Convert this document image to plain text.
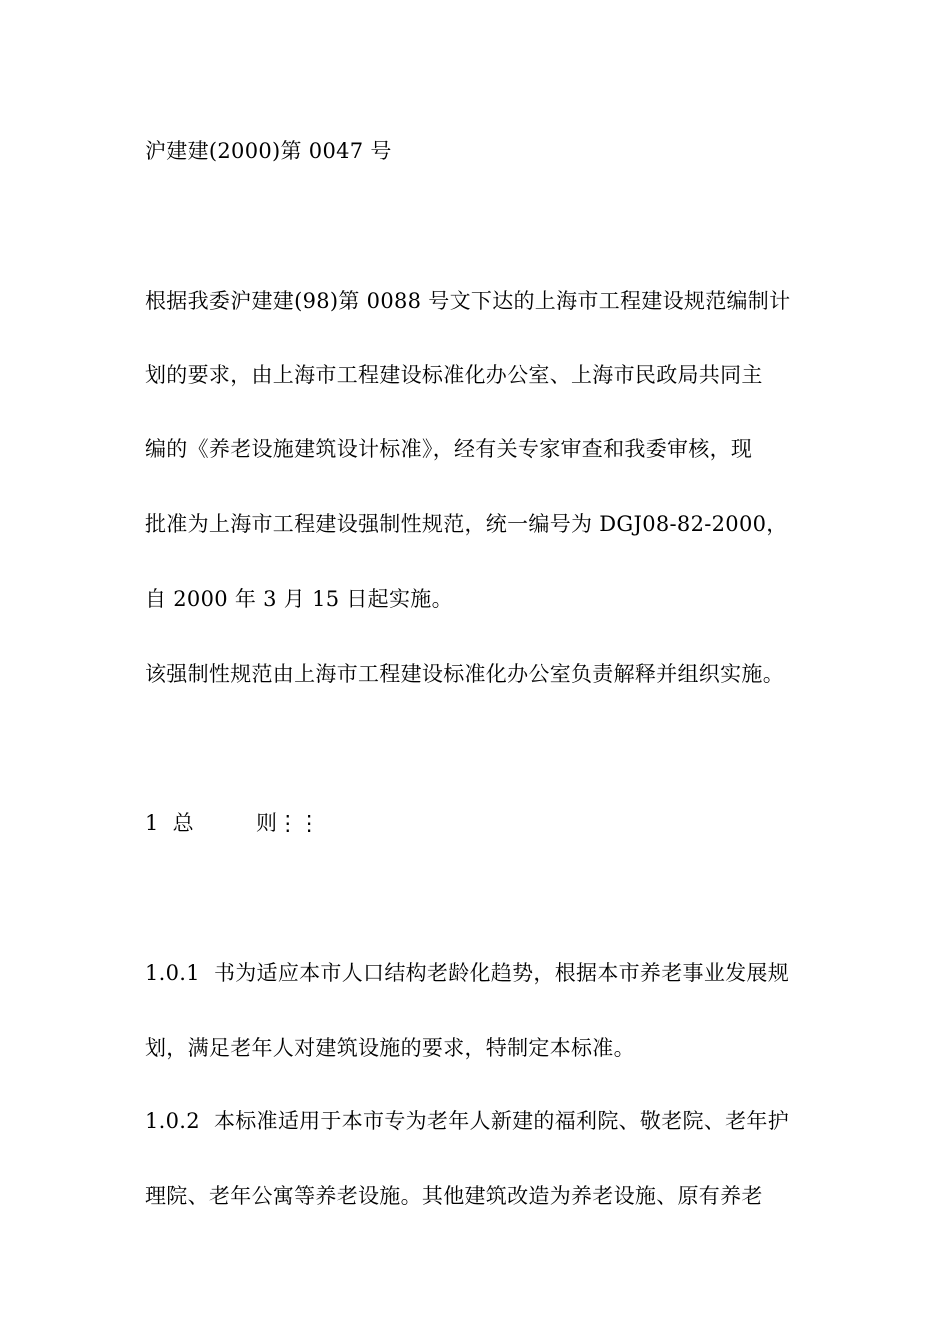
沪建建(2000)第 0047 号
根据我委沪建建(98)第 0088 号文下达的上海市工程建设规范编制计
划的要求，由上海市工程建设标准化办公室、上海市民政局共同主
编的《养老设施建筑设计标准》，经有关专家审查和我委审核，现
批准为上海市工程建设强制性规范，统一编号为 DGJ08-82-2000，
自 2000 年 3 月 15 日起实施。
该强制性规范由上海市工程建设标准化办公室负责解释并组织实施。
1 总	则⋮⋮
1.0.1 书为适应本市人口结构老龄化趋势，根据本市养老事业发展规
划，满足老年人对建筑设施的要求，特制定本标准。
1.0.2 本标准适用于本市专为老年人新建的福利院、敬老院、老年护
理院、老年公寓等养老设施。其他建筑改造为养老设施、原有养老
